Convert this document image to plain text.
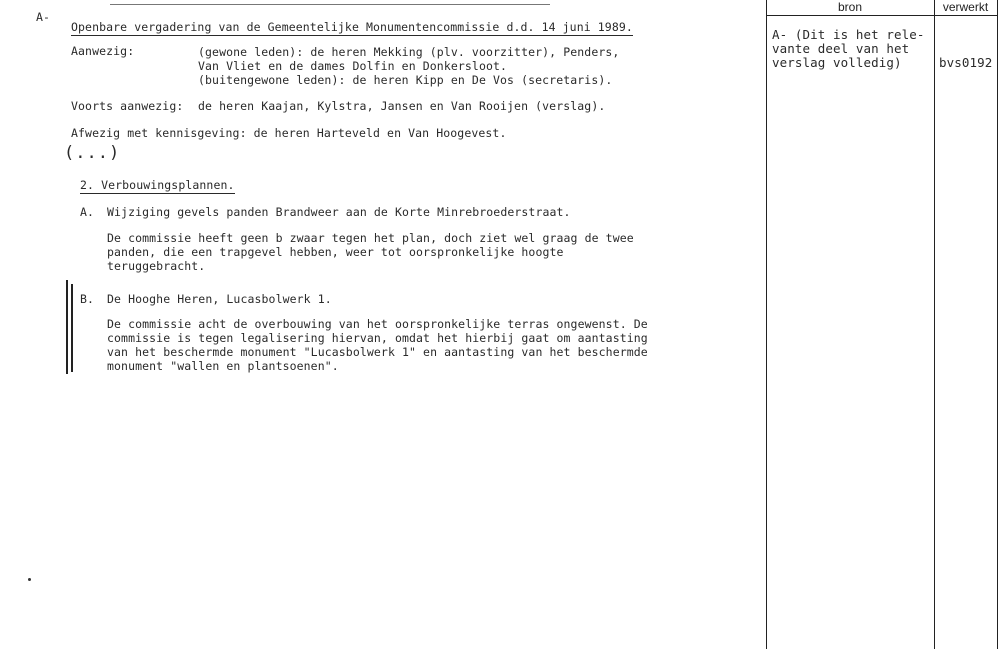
A-
Openbare vergadering van de Gemeentelijke Monumentencommissie d.d. 14 juni 1989.
Aanwezig:	(gewone leden): de heren Mekking (plv. voorzitter), Penders,
Van Vliet en de dames Dolfin en Donkersloot.
(buitengewone leden): de heren Kipp en De Vos (secretaris).
Voorts aanwezig: de heren Kaajan, Kylstra, Jansen en Van Rooijen (verslag).
Afwezig met kennisgeving: de heren Harteveld en Van Hoogevest.
(...)
2. Verbouwingsplannen.
A. Wijziging gevels panden Brandweer aan de Korte Minrebroederstraat.
De commissie heeft geen b zwaar tegen het plan, doch ziet wel graag de twee
panden, die een trapgevel hebben, weer tot oorspronkelijke hoogte
teruggebracht.
B. De Hooghe Heren, Lucasbolwerk 1.
De commissie acht de overbouwing van het oorspronkelijke terras ongewenst. De
commissie is tegen legalisering hiervan, omdat het hierbij gaat om aantasting
van het beschermde monument "Lucasbolwerk 1" en aantasting van het beschermde
monument "wallen en plantsoenen".
bron	verwerkt
A- (Dit is het rele-
vante deel van het
verslag volledig)	bvs0192
